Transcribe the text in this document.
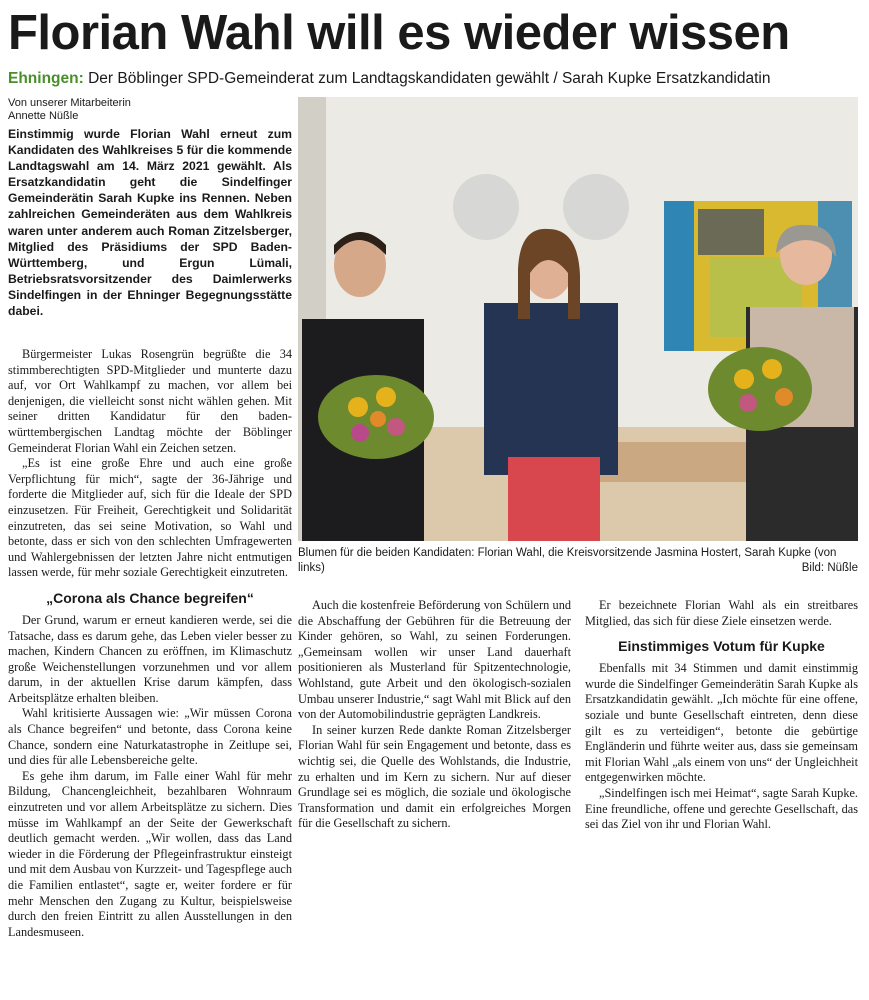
Florian Wahl will es wieder wissen
Ehningen: Der Böblinger SPD-Gemeinderat zum Landtagskandidaten gewählt / Sarah Kupke Ersatzkandidatin
Von unserer Mitarbeiterin
Annette Nüßle
Einstimmig wurde Florian Wahl erneut zum Kandidaten des Wahlkreises 5 für die kommende Landtagswahl am 14. März 2021 gewählt. Als Ersatzkandidatin geht die Sindelfinger Gemeinderätin Sarah Kupke ins Rennen. Neben zahlreichen Gemeinderäten aus dem Wahlkreis waren unter anderem auch Roman Zitzelsberger, Mitglied des Präsidiums der SPD Baden-Württemberg, und Ergun Lümali, Betriebsratsvorsitzender des Daimlerwerks Sindelfingen in der Ehninger Begegnungsstätte dabei.

Bürgermeister Lukas Rosengrün begrüßte die 34 stimmberechtigten SPD-Mitglieder und munterte dazu auf, vor Ort Wahlkampf zu machen, vor allem bei denjenigen, die vielleicht sonst nicht wählen gehen. Mit seiner dritten Kandidatur für den baden-württembergischen Landtag möchte der Böblinger Gemeinderat Florian Wahl ein Zeichen setzen.

„Es ist eine große Ehre und auch eine große Verpflichtung für mich“, sagte der 36-Jährige und forderte die Mitglieder auf, sich für die Ideale der SPD einzusetzen. Für Freiheit, Gerechtigkeit und Solidarität einzutreten, das sei seine Motivation, so Wahl und betonte, dass er sich von den schlechten Umfragewerten und Wahlergebnissen der letzten Jahre nicht entmutigen lassen werde, für mehr soziale Gerechtigkeit einzutreten.

„Corona als Chance begreifen“

Der Grund, warum er erneut kandieren werde, sei die Tatsache, dass es darum gehe, das Leben vieler besser zu machen, Kindern Chancen zu eröffnen, im Klimaschutz große Weichenstellungen vorzunehmen und vor allem darum, in der aktuellen Krise darum kämpfen, dass Arbeitsplätze erhalten bleiben.

Wahl kritisierte Aussagen wie: „Wir müssen Corona als Chance begreifen“ und betonte, dass Corona keine Chance, sondern eine Naturkatastrophe in Zeitlupe sei, und dies für alle Lebensbereiche gelte.

Es gehe ihm darum, im Falle einer Wahl für mehr Bildung, Chancengleichheit, bezahlbaren Wohnraum einzutreten und vor allem Arbeitsplätze zu sichern. Dies müsse im Wahlkampf an der Seite der Gewerkschaft deutlich gemacht werden. „Wir wollen, dass das Land wieder in die Förderung der Pflegeinfrastruktur einsteigt und mit dem Ausbau von Kurzzeit- und Tagespflege auch die Familien entlastet“, sagte er, weiter fordere er für mehr Menschen den Zugang zu Kultur, beispielsweise durch den freien Eintritt zu allen Ausstellungen in den Landesmuseen.

Blumen für die beiden Kandidaten: Florian Wahl, die Kreisvorsitzende Jasmina Hostert, Sarah Kupke (von links)	Bild: Nüßle

Auch die kostenfreie Beförderung von Schülern und die Abschaffung der Gebühren für die Betreuung der Kinder gehören, so Wahl, zu seinen Forderungen. „Gemeinsam wollen wir unser Land dauerhaft positionieren als Musterland für Spitzentechnologie, Wohlstand, gute Arbeit und den ökologisch-sozialen Umbau unserer Industrie,“ sagt Wahl mit Blick auf den von der Automobilindustrie geprägten Landkreis.

In seiner kurzen Rede dankte Roman Zitzelsberger Florian Wahl für sein Engagement und betonte, dass es wichtig sei, die Quelle des Wohlstands, die Industrie, zu erhalten und im Kern zu sichern. Nur auf dieser Grundlage sei es möglich, die soziale und ökologische Transformation und damit ein erfolgreiches Morgen für die Gesellschaft zu sichern.

Er bezeichnete Florian Wahl als ein streitbares Mitglied, das sich für diese Ziele einsetzen werde.

Einstimmiges Votum für Kupke

Ebenfalls mit 34 Stimmen und damit einstimmig wurde die Sindelfinger Gemeinderätin Sarah Kupke als Ersatzkandidatin gewählt. „Ich möchte für eine offene, soziale und bunte Gesellschaft eintreten, denn diese gilt es zu verteidigen“, betonte die gebürtige Engländerin und führte weiter aus, dass sie gemeinsam mit Florian Wahl „als einem von uns“ der Ungleichheit entgegenwirken möchte.

„Sindelfingen isch mei Heimat“, sagte Sarah Kupke. Eine freundliche, offene und gerechte Gesellschaft, das sei das Ziel von ihr und Florian Wahl.
